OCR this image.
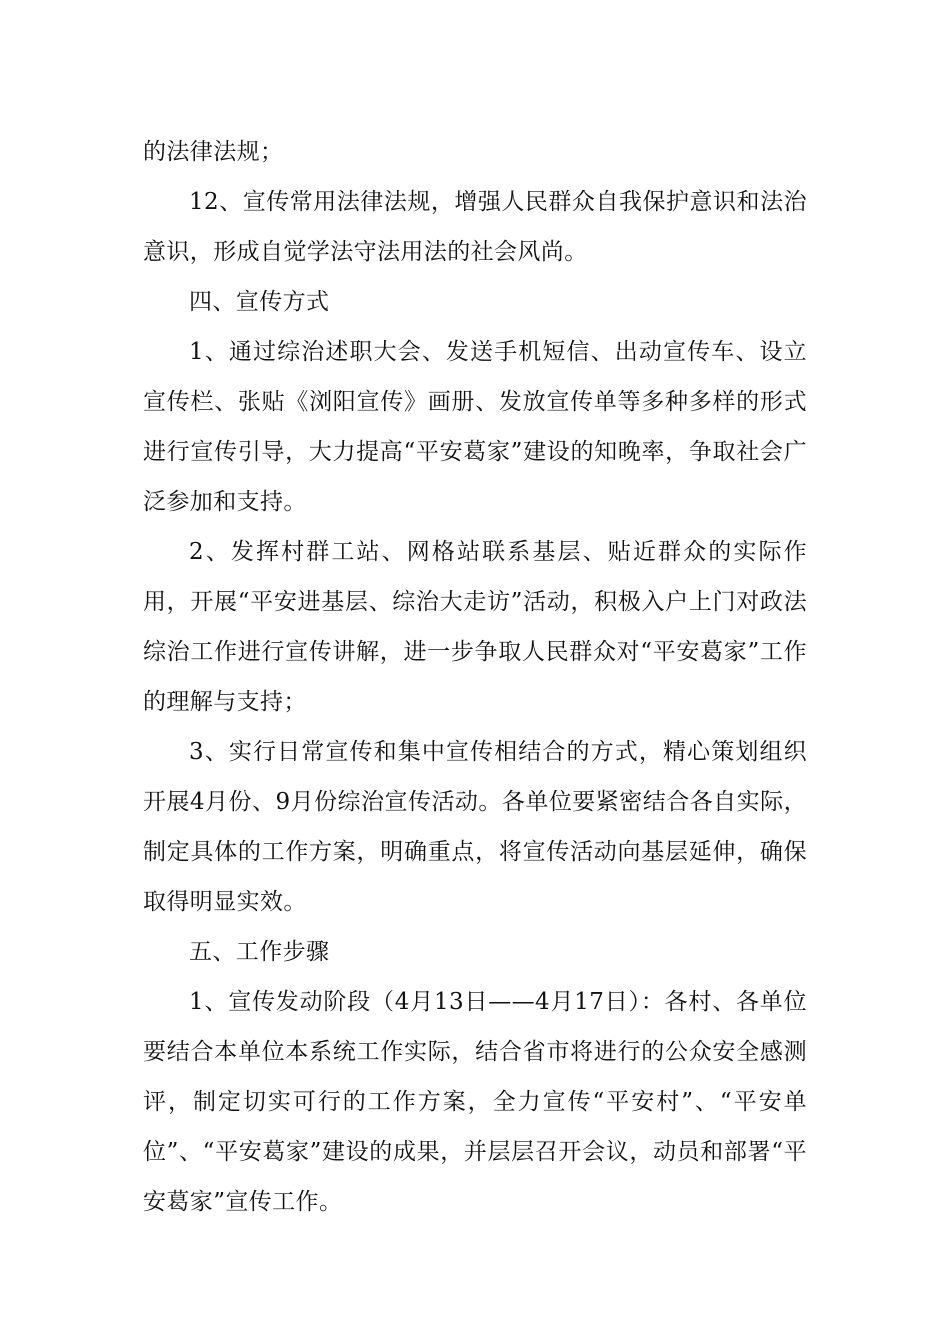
的法律法规；

12、宣传常用法律法规，增强人民群众自我保护意识和法治意识，形成自觉学法守法用法的社会风尚。

四、宣传方式

1、通过综治述职大会、发送手机短信、出动宣传车、设立宣传栏、张贴《浏阳宣传》画册、发放宣传单等多种多样的形式进行宣传引导，大力提高“平安葛家”建设的知晚率，争取社会广泛参加和支持。

2、发挥村群工站、网格站联系基层、贴近群众的实际作用，开展“平安进基层、综治大走访”活动，积极入户上门对政法综治工作进行宣传讲解，进一步争取人民群众对“平安葛家”工作的理解与支持；

3、实行日常宣传和集中宣传相结合的方式，精心策划组织开展4月份、9月份综治宣传活动。各单位要紧密结合各自实际，制定具体的工作方案，明确重点，将宣传活动向基层延伸，确保取得明显实效。

五、工作步骤

1、宣传发动阶段（4月13日——4月17日）：各村、各单位要结合本单位本系统工作实际，结合省市将进行的公众安全感测评，制定切实可行的工作方案，全力宣传“平安村”、“平安单位”、“平安葛家”建设的成果，并层层召开会议，动员和部署“平安葛家”宣传工作。
